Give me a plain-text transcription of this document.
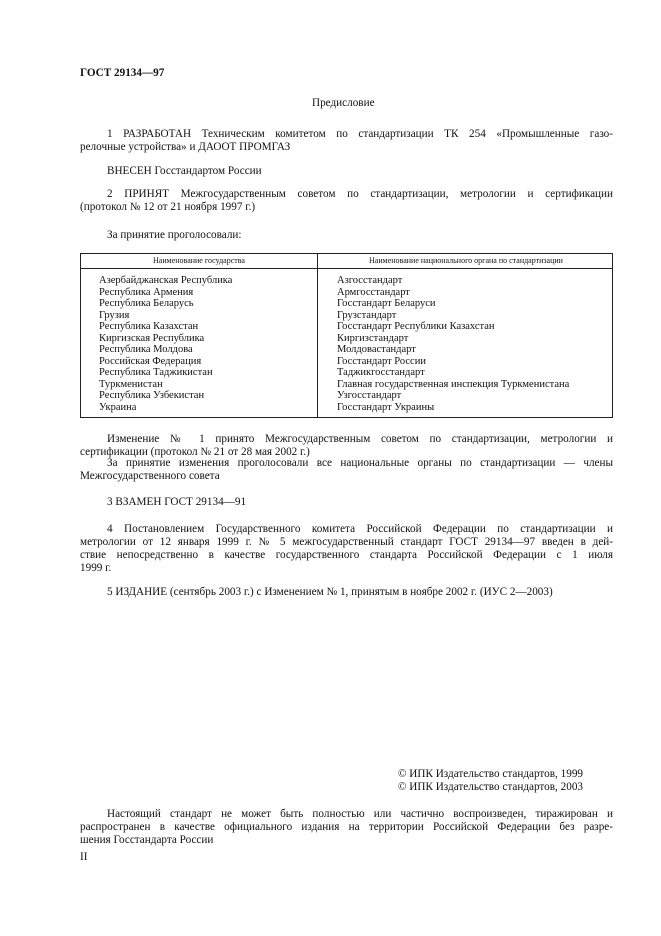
ГОСТ 29134—97
Предисловие
1 РАЗРАБОТАН Техническим комитетом по стандартизации ТК 254 «Промышленные газо-
релочные устройства» и ДАООТ ПРОМГАЗ
ВНЕСЕН Госстандартом России
2 ПРИНЯТ Межгосударственным советом по стандартизации, метрологии и сертификации
(протокол № 12 от 21 ноября 1997 г.)
За принятие проголосовали:
Наименование государства	Наименование национального органа по стандартизации
Азербайджанская Республика
Республика Армения
Республика Беларусь
Грузия
Республика Казахстан
Киргизская Республика
Республика Молдова
Российская Федерация
Республика Таджикистан
Туркменистан
Республика Узбекистан
Украина
Азгосстандарт
Армгосстандарт
Госстандарт Беларуси
Грузстандарт
Госстандарт Республики Казахстан
Киргизстандарт
Молдовастандарт
Госстандарт России
Таджикгосстандарт
Главная государственная инспекция Туркменистана
Узгосстандарт
Госстандарт Украины
Изменение № 1 принято Межгосударственным советом по стандартизации, метрологии и
сертификации (протокол № 21 от 28 мая 2002 г.)
За принятие изменения проголосовали все национальные органы по стандартизации — члены
Межгосударственного совета
3 ВЗАМЕН ГОСТ 29134—91
4 Постановлением Государственного комитета Российской Федерации по стандартизации и
метрологии от 12 января 1999 г. № 5 межгосударственный стандарт ГОСТ 29134—97 введен в дей-
ствие непосредственно в качестве государственного стандарта Российской Федерации с 1 июля
1999 г.
5 ИЗДАНИЕ (сентябрь 2003 г.) с Изменением № 1, принятым в ноябре 2002 г. (ИУС 2—2003)
© ИПК Издательство стандартов, 1999
© ИПК Издательство стандартов, 2003
Настоящий стандарт не может быть полностью или частично воспроизведен, тиражирован и
распространен в качестве официального издания на территории Российской Федерации без разре-
шения Госстандарта России
II
